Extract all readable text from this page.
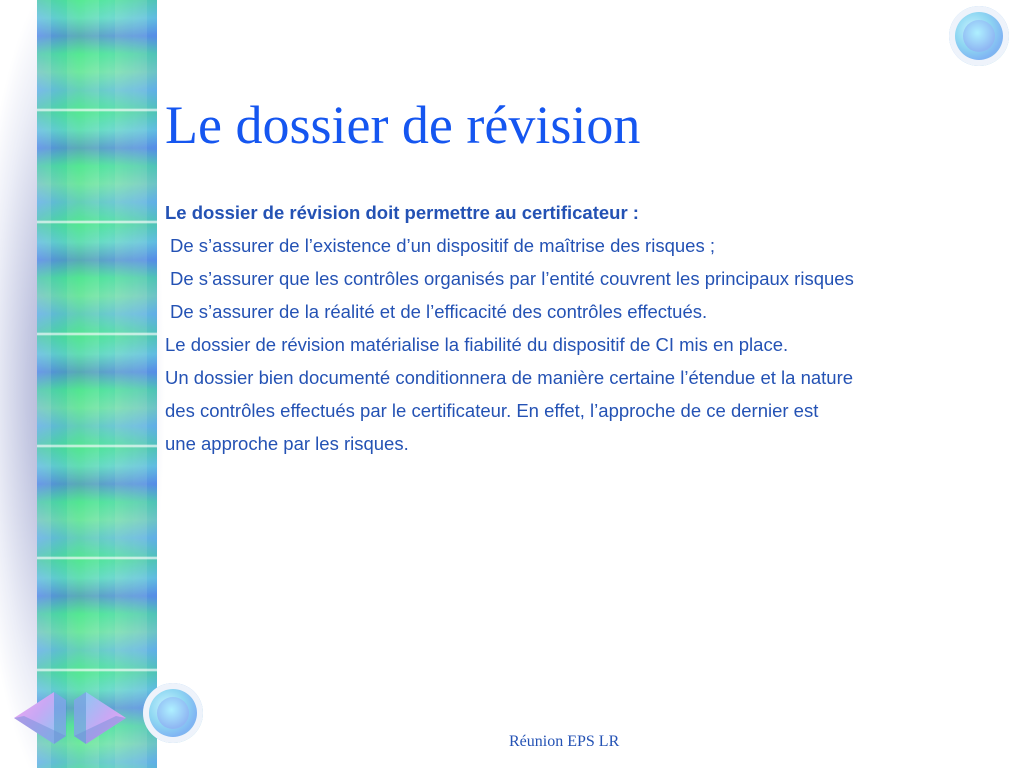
Le dossier de révision
Le dossier de révision doit permettre au certificateur :
De s’assurer de l’existence d’un dispositif de maîtrise des risques ;
De s’assurer que les contrôles organisés par l’entité couvrent les principaux risques
De s’assurer de la réalité et de l’efficacité des contrôles effectués.
Le dossier de révision matérialise la fiabilité du dispositif de CI mis en place.
Un dossier bien documenté conditionnera de manière certaine l’étendue et la nature
des contrôles effectués par le certificateur. En effet, l’approche de ce dernier est
une approche par les risques.
Réunion EPS LR
